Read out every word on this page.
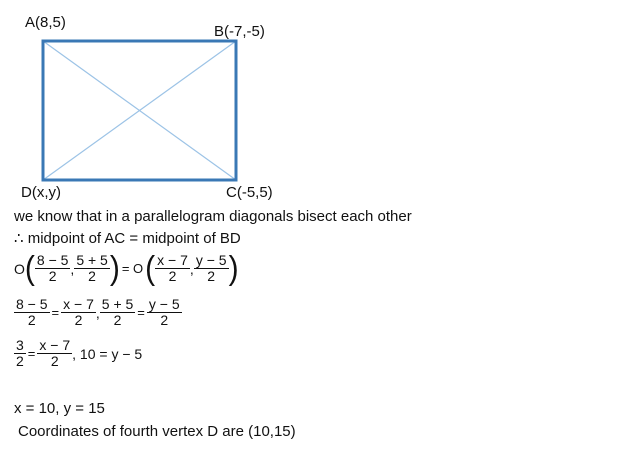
A(8,5)
B(-7,-5)
C(-5,5)
D(x,y)
we know that in a parallelogram diagonals bisect each other
∴ midpoint of AC = midpoint of BD
O ( $\frac{8 - 5}{2}$ , $\frac{5 + 5}{2}$ ) = O ( $\frac{x - 7}{2}$ , $\frac{y - 5}{2}$ )
$\frac{8 - 5}{2} = \frac{x - 7}{2}$ , $\frac{5 + 5}{2} = \frac{y - 5}{2}$
$\frac{3}{2} = \frac{x - 7}{2}$ , 10 = y − 5
x = 10, y = 15
Coordinates of fourth vertex D are (10,15)
